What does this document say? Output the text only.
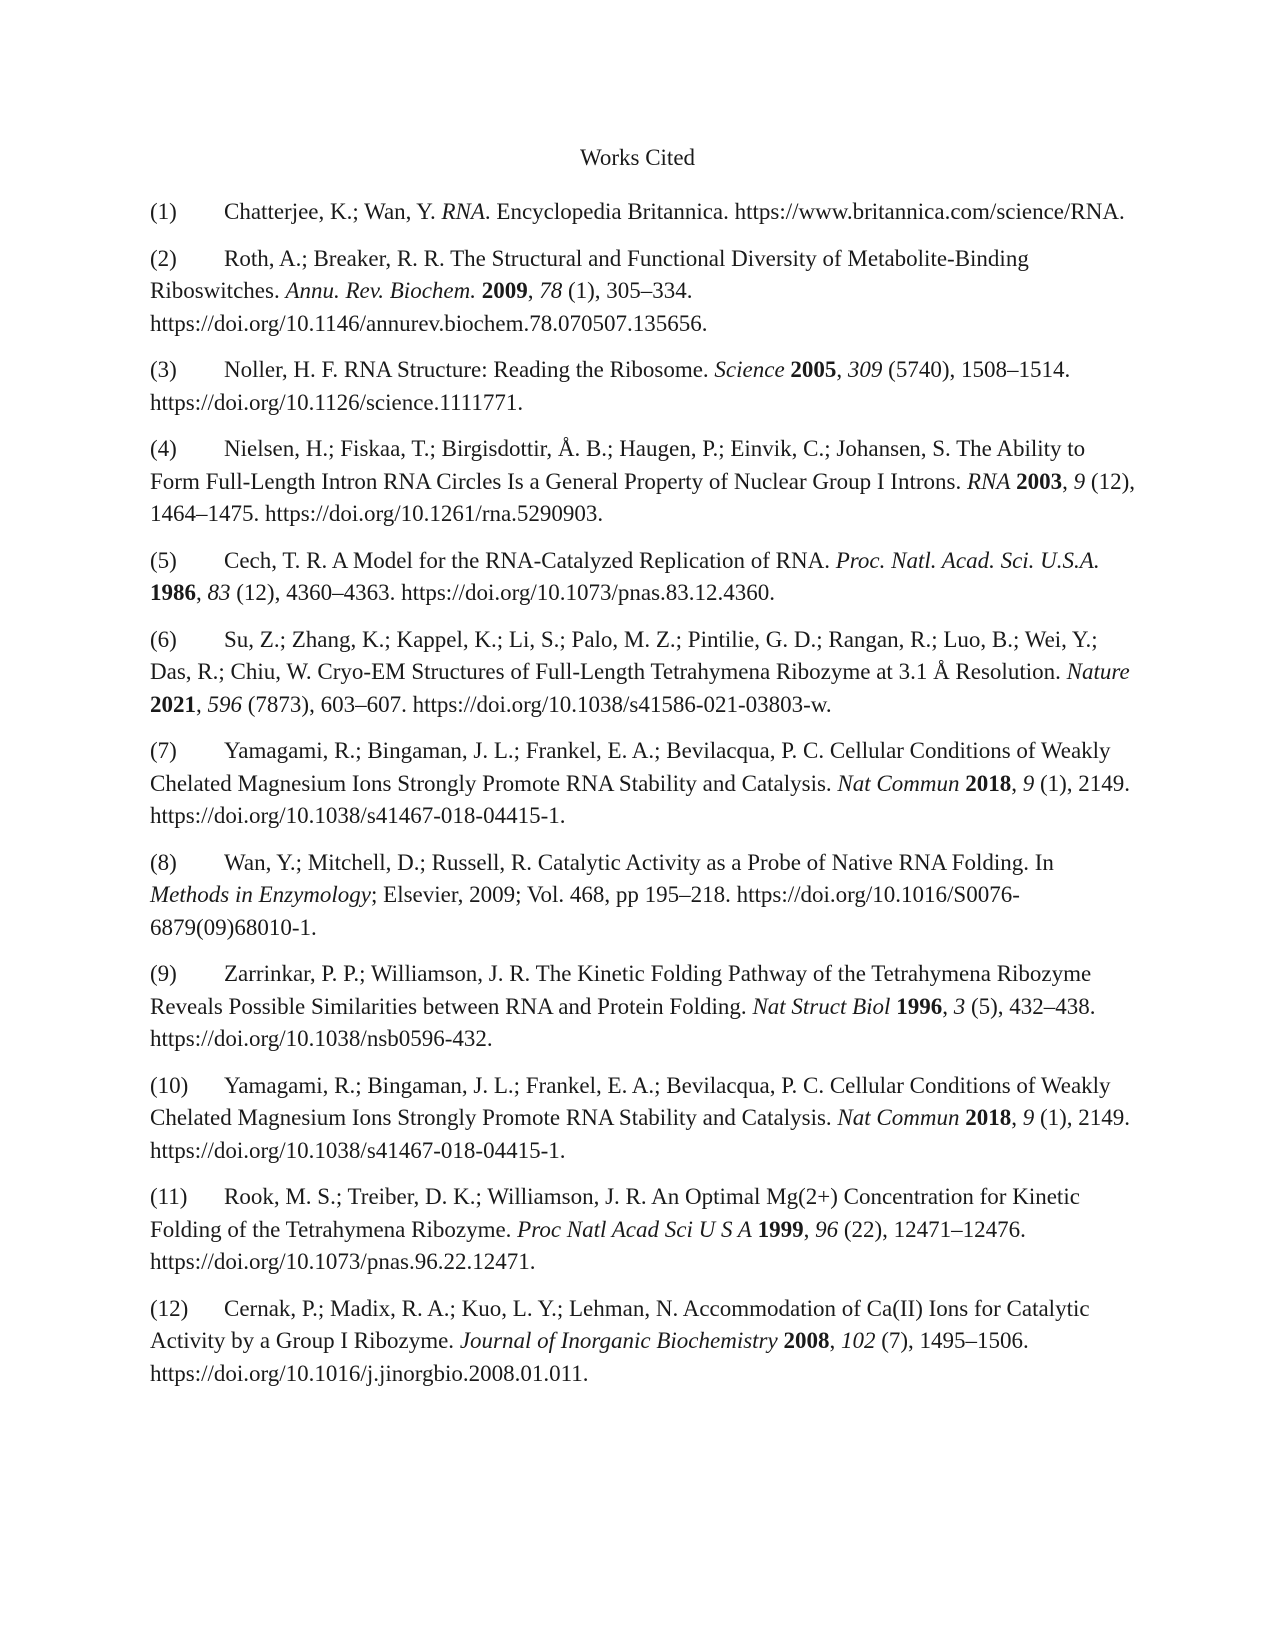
Works Cited
(1) Chatterjee, K.; Wan, Y. RNA. Encyclopedia Britannica. https://www.britannica.com/science/RNA.
(2) Roth, A.; Breaker, R. R. The Structural and Functional Diversity of Metabolite-Binding Riboswitches. Annu. Rev. Biochem. 2009, 78 (1), 305–334. https://doi.org/10.1146/annurev.biochem.78.070507.135656.
(3) Noller, H. F. RNA Structure: Reading the Ribosome. Science 2005, 309 (5740), 1508–1514. https://doi.org/10.1126/science.1111771.
(4) Nielsen, H.; Fiskaa, T.; Birgisdottir, Å. B.; Haugen, P.; Einvik, C.; Johansen, S. The Ability to Form Full-Length Intron RNA Circles Is a General Property of Nuclear Group I Introns. RNA 2003, 9 (12), 1464–1475. https://doi.org/10.1261/rna.5290903.
(5) Cech, T. R. A Model for the RNA-Catalyzed Replication of RNA. Proc. Natl. Acad. Sci. U.S.A. 1986, 83 (12), 4360–4363. https://doi.org/10.1073/pnas.83.12.4360.
(6) Su, Z.; Zhang, K.; Kappel, K.; Li, S.; Palo, M. Z.; Pintilie, G. D.; Rangan, R.; Luo, B.; Wei, Y.; Das, R.; Chiu, W. Cryo-EM Structures of Full-Length Tetrahymena Ribozyme at 3.1 Å Resolution. Nature 2021, 596 (7873), 603–607. https://doi.org/10.1038/s41586-021-03803-w.
(7) Yamagami, R.; Bingaman, J. L.; Frankel, E. A.; Bevilacqua, P. C. Cellular Conditions of Weakly Chelated Magnesium Ions Strongly Promote RNA Stability and Catalysis. Nat Commun 2018, 9 (1), 2149. https://doi.org/10.1038/s41467-018-04415-1.
(8) Wan, Y.; Mitchell, D.; Russell, R. Catalytic Activity as a Probe of Native RNA Folding. In Methods in Enzymology; Elsevier, 2009; Vol. 468, pp 195–218. https://doi.org/10.1016/S0076-6879(09)68010-1.
(9) Zarrinkar, P. P.; Williamson, J. R. The Kinetic Folding Pathway of the Tetrahymena Ribozyme Reveals Possible Similarities between RNA and Protein Folding. Nat Struct Biol 1996, 3 (5), 432–438. https://doi.org/10.1038/nsb0596-432.
(10) Yamagami, R.; Bingaman, J. L.; Frankel, E. A.; Bevilacqua, P. C. Cellular Conditions of Weakly Chelated Magnesium Ions Strongly Promote RNA Stability and Catalysis. Nat Commun 2018, 9 (1), 2149. https://doi.org/10.1038/s41467-018-04415-1.
(11) Rook, M. S.; Treiber, D. K.; Williamson, J. R. An Optimal Mg(2+) Concentration for Kinetic Folding of the Tetrahymena Ribozyme. Proc Natl Acad Sci U S A 1999, 96 (22), 12471–12476. https://doi.org/10.1073/pnas.96.22.12471.
(12) Cernak, P.; Madix, R. A.; Kuo, L. Y.; Lehman, N. Accommodation of Ca(II) Ions for Catalytic Activity by a Group I Ribozyme. Journal of Inorganic Biochemistry 2008, 102 (7), 1495–1506. https://doi.org/10.1016/j.jinorgbio.2008.01.011.
